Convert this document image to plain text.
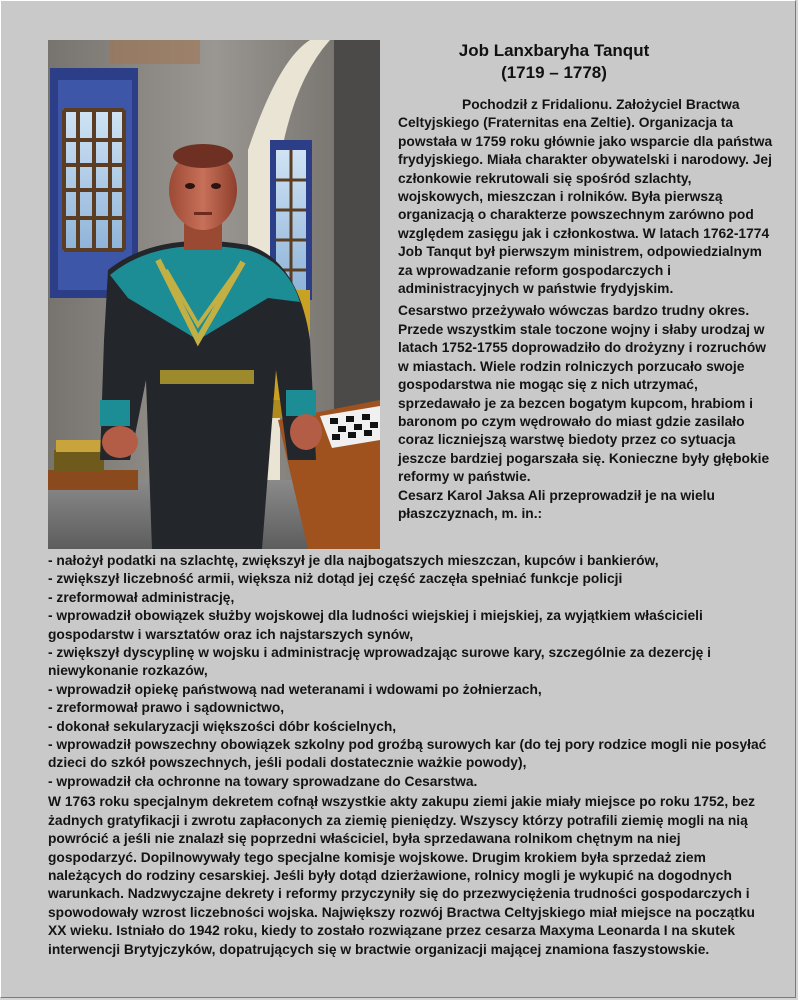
Job Lanxbaryha Tanqut
(1719 – 1778)

Pochodził z Fridalionu. Założyciel Bractwa Celtyjskiego (Fraternitas ena Zeltie). Organizacja ta powstała w 1759 roku głównie jako wsparcie dla państwa frydyjskiego. Miała charakter obywatelski i narodowy. Jej członkowie rekrutowali się spośród szlachty, wojskowych, mieszczan i rolników. Była pierwszą organizacją o charakterze powszechnym zarówno pod względem zasięgu jak i członkostwa. W latach 1762-1774 Job Tanqut był pierwszym ministrem, odpowiedzialnym za wprowadzanie reform gospodarczych i administracyjnych w państwie frydyjskim.

Cesarstwo przeżywało wówczas bardzo trudny okres. Przede wszystkim stale toczone wojny i słaby urodzaj w latach 1752-1755 doprowadziło do drożyzny i rozruchów w miastach. Wiele rodzin rolniczych porzucało swoje gospodarstwa nie mogąc się z nich utrzymać, sprzedawało je za bezcen bogatym kupcom, hrabiom i baronom po czym wędrowało do miast gdzie zasilało coraz liczniejszą warstwę biedoty przez co sytuacja jeszcze bardziej pogarszała się. Konieczne były głębokie reformy w państwie.

Cesarz Karol Jaksa Ali przeprowadził je na wielu płaszczyznach, m. in.:

- nałożył podatki na szlachtę, zwiększył je dla najbogatszych mieszczan, kupców i bankierów,
- zwiększył liczebność armii, większa niż dotąd jej część zaczęła spełniać funkcje policji
- zreformował administrację,
- wprowadził obowiązek służby wojskowej dla ludności wiejskiej i miejskiej, za wyjątkiem właścicieli gospodarstw i warsztatów oraz ich najstarszych synów,
- zwiększył dyscyplinę w wojsku i administrację wprowadzając surowe kary, szczególnie za dezercję i niewykonanie rozkazów,
- wprowadził opiekę państwową nad weteranami i wdowami po żołnierzach,
- zreformował prawo i sądownictwo,
- dokonał sekularyzacji większości dóbr kościelnych,
- wprowadził powszechny obowiązek szkolny pod groźbą surowych kar (do tej pory rodzice mogli nie posyłać dzieci do szkół powszechnych, jeśli podali dostatecznie ważkie powody),
- wprowadził cła ochronne na towary sprowadzane do Cesarstwa.

W 1763 roku specjalnym dekretem cofnął wszystkie akty zakupu ziemi jakie miały miejsce po roku 1752, bez żadnych gratyfikacji i zwrotu zapłaconych za ziemię pieniędzy. Wszyscy którzy potrafili ziemię mogli na nią powrócić a jeśli nie znalazł się poprzedni właściciel, była sprzedawana rolnikom chętnym na niej gospodarzyć. Dopilnowywały tego specjalne komisje wojskowe. Drugim krokiem była sprzedaż ziem należących do rodziny cesarskiej. Jeśli były dotąd dzierżawione, rolnicy mogli je wykupić na dogodnych warunkach. Nadzwyczajne dekrety i reformy przyczyniły się do przezwyciężenia trudności gospodarczych i spowodowały wzrost liczebności wojska. Największy rozwój Bractwa Celtyjskiego miał miejsce na początku XX wieku. Istniało do 1942 roku, kiedy to zostało rozwiązane przez cesarza Maxyma Leonarda I na skutek interwencji Brytyjczyków, dopatrujących się w bractwie organizacji mającej znamiona faszystowskie.
